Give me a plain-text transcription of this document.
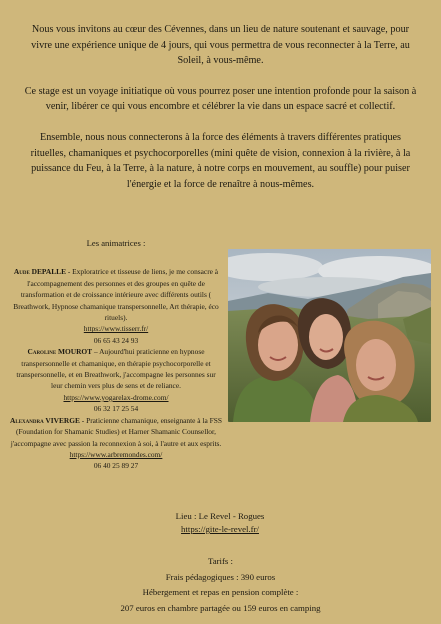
Nous vous invitons au cœur des Cévennes, dans un lieu de nature soutenant et sauvage, pour vivre une expérience unique de 4 jours, qui vous permettra de vous reconnecter à la Terre, au Soleil, à vous-même.

Ce stage est un voyage initiatique où vous pourrez poser une intention profonde pour la saison à venir, libérer ce qui vous encombre et célébrer la vie dans un espace sacré et collectif.

Ensemble, nous nous connecterons à la force des éléments à travers différentes pratiques rituelles, chamaniques et psychocorporelles (mini quête de vision, connexion à la rivière, à la puissance du Feu, à la Terre, à la nature, à notre corps en mouvement, au souffle) pour puiser l'énergie et la force de renaître à nous-mêmes.

Les animatrices :
Aude DEPALLE - Exploratrice et tisseuse de liens, je me consacre à l'accompagnement des personnes et des groupes en quête de transformation et de croissance intérieure avec différents outils ( Breathwork, Hypnose chamanique transpersonnelle, Art thérapie, éco rituels).
https://www.tisserr.fr/
06 65 43 24 93
Caroline MOUROT – Aujourd'hui praticienne en hypnose transpersonnelle et chamanique, en thérapie psychocorporelle et transpersonnelle, et en Breathwork, j'accompagne les personnes sur leur chemin vers plus de sens et de reliance.
https://www.yogarelax-drome.com/
06 32 17 25 54
Alexandra VIVERGE - Praticienne chamanique, enseignante à la FSS (Foundation for Shamanic Studies) et Harner Shamanic Counsellor, j'accompagne avec passion la reconnexion à soi, à l'autre et aux esprits.
https://www.arbremondes.com/
06 40 25 89 27
Lieu : Le Revel - Rogues
https://gite-le-revel.fr/
Tarifs :
Frais pédagogiques : 390 euros
Hébergement et repas en pension complète :
207 euros en chambre partagée ou 159 euros en camping
